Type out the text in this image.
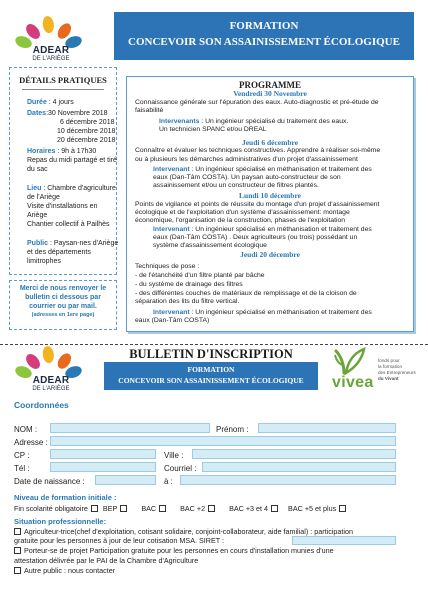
ADEAR
DE L'ARIÈGE
FORMATION
CONCEVOIR SON ASSAINISSEMENT ÉCOLOGIQUE
DÉTAILS PRATIQUES
Durée : 4 jours
Dates:30 Novembre 2018
6 décembre 2018
10 décembre 2018
20 décembre 2018
Horaires : 9h à 17h30
Repas du midi partagé et tiré
du sac
Lieu : Chambre d'agriculture
de l'Ariège
Visite d'installations en
Ariège
Chantier collectif à Pailhès
Public : Paysan-nes d'Ariège
et des départements
limitrophes
Merci de nous renvoyer le
bulletin ci dessous par
courrier ou par mail.
(adresses en 1ere page)
PROGRAMME
Vendredi 30 Novembre
Connaissance générale sur l'épuration des eaux. Auto-diagnostic et pré-étude de
faisabilité
Intervenants : Un ingénieur spécialisé du traitement des eaux.
Un technicien SPANC et/ou DREAL
Jeudi 6 décembre
Connaître et évaluer les techniques constructives. Apprendre à réaliser soi-même
ou à plusieurs les démarches administratives d'un projet d'assainissement
Intervenant : Un ingénieur spécialisé en méthanisation et traitement des
eaux (Dan-Tâm COSTA). Un paysan auto-constructeur de son
assainissement et/ou un constructeur de filtres plantés.
Lundi 10 décembre
Points de vigilance et points de réussite du montage d'un projet d'assainissement
écologique et de l'exploitation d'un système d'assainissement: montage
économique, l'organisation de la construction, phases de l'exploitation
Intervenant : Un ingénieur spécialisé en méthanisation et traitement des
eaux (Dan-Tâm COSTA) . Deux agriculteurs (ou trois) possédant un
système d'assainissement écologique
Jeudi 20 décembre
Techniques de pose :
- de l'étanchéité d'un filtre planté par bâche
- du système de drainage des filtres
- des différentes couches de matériaux de remplissage et de la cloison de
séparation des lits du filtre vertical.
Intervenant : Un ingénieur spécialisé en méthanisation et traitement des
eaux (Dan-Tâm COSTA)
ADEAR
DE L'ARIÈGE
BULLETIN D'INSCRIPTION
FORMATION
CONCEVOIR SON ASSAINISSEMENT ÉCOLOGIQUE	vivea
fonds pour
la formation
des Entrepreneurs
du Vivant
Coordonnées
NOM :	Prénom :
Adresse :
CP :	Ville :
Tél :	Courriel :
Date de naissance :	à :
Niveau de formation initiale :
Fin scolarité obligatoire BEP	BAC	BAC +2	BAC +3 et 4	BAC +5 et plus
Situation professionnelle:
Agriculteur-trice(chef d'exploitation, cotisant solidaire, conjoint-collaborateur, aide familial) : participation
gratuite pour les personnes à jour de leur cotisation MSA. SIRET :
Porteur-se de projet Participation gratuite pour les personnes en cours d'installation munies d'une
attestation délivrée par le PAI de la Chambre d'Agriculture
Autre public : nous contacter
